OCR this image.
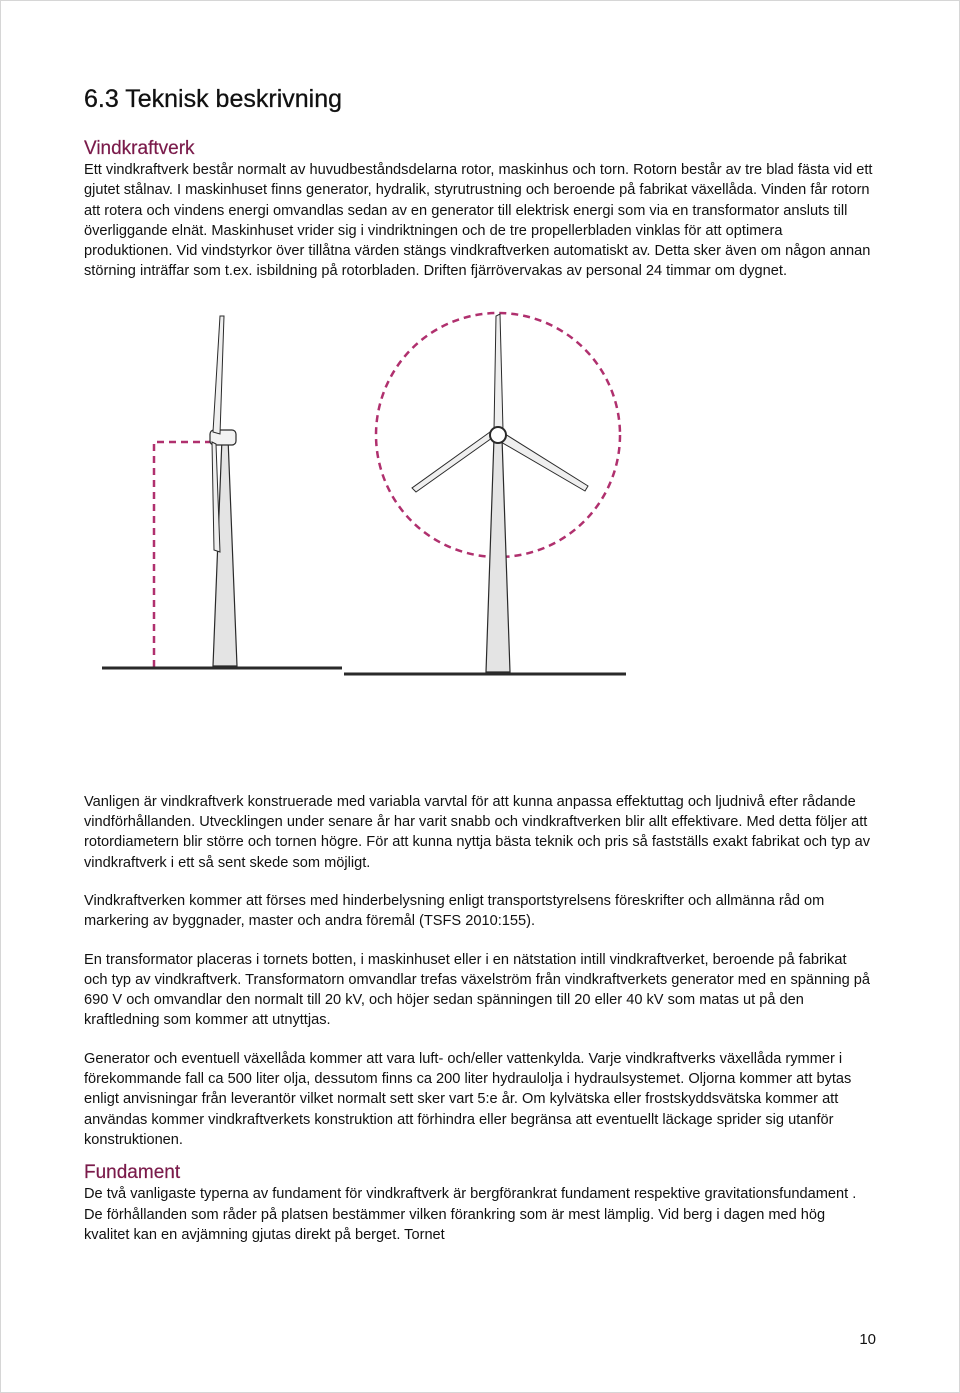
6.3 Teknisk beskrivning
Vindkraftverk

Ett vindkraftverk består normalt av huvudbeståndsdelarna rotor, maskinhus och torn. Rotorn består av tre blad fästa vid ett gjutet stålnav. I maskinhuset finns generator, hydralik, styrutrustning och beroende på fabrikat växellåda. Vinden får rotorn att rotera och vindens energi omvandlas sedan av en generator till elektrisk energi som via en transformator ansluts till överliggande elnät. Maskinhuset vrider sig i vindriktningen och de tre propellerbladen vinklas för att optimera produktionen. Vid vindstyrkor över tillåtna värden stängs vindkraftverken automatiskt av. Detta sker även om någon annan störning inträffar som t.ex. isbildning på rotorbladen. Driften fjärrövervakas av personal 24 timmar om dygnet.

Vanligen är vindkraftverk konstruerade med variabla varvtal för att kunna anpassa effektuttag och ljudnivå efter rådande vindförhållanden. Utvecklingen under senare år har varit snabb och vindkraftverken blir allt effektivare. Med detta följer att rotordiametern blir större och tornen högre. För att kunna nyttja bästa teknik och pris så fastställs exakt fabrikat och typ av vindkraftverk i ett så sent skede som möjligt.

Vindkraftverken kommer att förses med hinderbelysning enligt transportstyrelsens föreskrifter och allmänna råd om markering av byggnader, master och andra föremål (TSFS 2010:155).

En transformator placeras i tornets botten, i maskinhuset eller i en nätstation intill vindkraftverket, beroende på fabrikat och typ av vindkraftverk. Transformatorn omvandlar trefas växelström från vindkraftverkets generator med en spänning på 690 V och omvandlar den normalt till 20 kV, och höjer sedan spänningen till 20 eller 40 kV som matas ut på den kraftledning som kommer att utnyttjas.

Generator och eventuell växellåda kommer att vara luft- och/eller vattenkylda. Varje vindkraftverks växellåda rymmer i förekommande fall ca 500 liter olja, dessutom finns ca 200 liter hydraulolja i hydraulsystemet. Oljorna kommer att bytas enligt anvisningar från leverantör vilket normalt sett sker vart 5:e år. Om kylvätska eller frostskyddsvätska kommer att användas kommer vindkraftverkets konstruktion att förhindra eller begränsa att eventuellt läckage sprider sig utanför konstruktionen.

Fundament

De två vanligaste typerna av fundament för vindkraftverk är bergförankrat fundament respektive gravitationsfundament . De förhållanden som råder på platsen bestämmer vilken förankring som är mest lämplig. Vid berg i dagen med hög kvalitet kan en avjämning gjutas direkt på berget. Tornet

10
